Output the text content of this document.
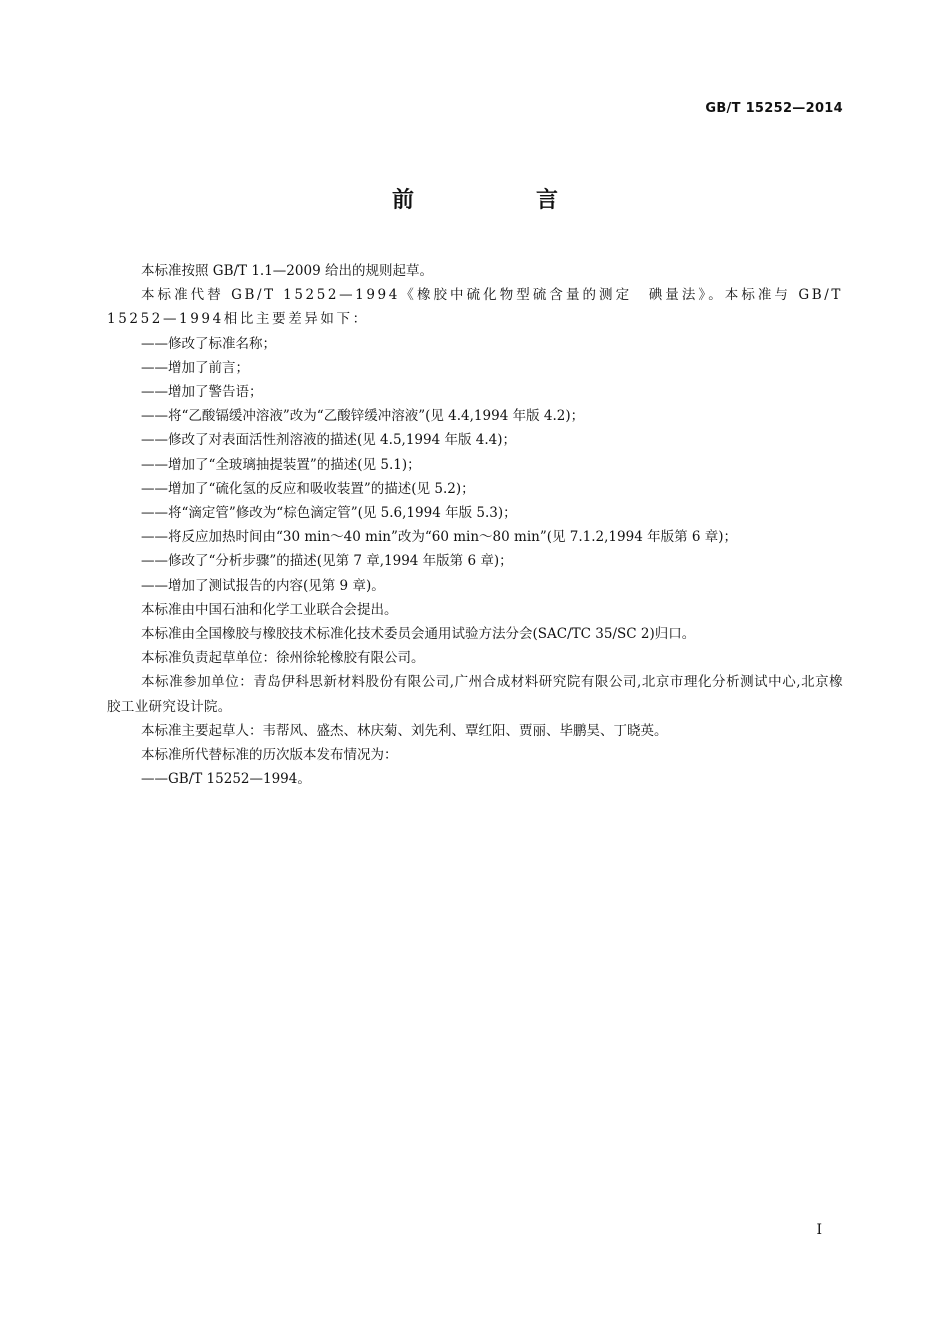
GB/T 15252—2014
前　言

本标准按照 GB/T 1.1—2009 给出的规则起草。

本标准代替 GB/T 15252—1994《橡胶中硫化物型硫含量的测定　碘量法》。本标准与 GB/T 15252—1994相比主要差异如下：

——修改了标准名称；

——增加了前言；

——增加了警告语；

——将“乙酸镉缓冲溶液”改为“乙酸锌缓冲溶液”(见 4.4,1994 年版 4.2)；

——修改了对表面活性剂溶液的描述(见 4.5,1994 年版 4.4)；

——增加了“全玻璃抽提装置”的描述(见 5.1)；

——增加了“硫化氢的反应和吸收装置”的描述(见 5.2)；

——将“滴定管”修改为“棕色滴定管”(见 5.6,1994 年版 5.3)；

——将反应加热时间由“30 min～40 min”改为“60 min～80 min”(见 7.1.2,1994 年版第 6 章)；

——修改了“分析步骤”的描述(见第 7 章,1994 年版第 6 章)；

——增加了测试报告的内容(见第 9 章)。

本标准由中国石油和化学工业联合会提出。

本标准由全国橡胶与橡胶技术标准化技术委员会通用试验方法分会(SAC/TC 35/SC 2)归口。

本标准负责起草单位：徐州徐轮橡胶有限公司。

本标准参加单位：青岛伊科思新材料股份有限公司,广州合成材料研究院有限公司,北京市理化分析测试中心,北京橡胶工业研究设计院。

本标准主要起草人：韦帮风、盛杰、林庆菊、刘先利、覃红阳、贾丽、毕鹏昊、丁晓英。

本标准所代替标准的历次版本发布情况为：

——GB/T 15252—1994。

I
